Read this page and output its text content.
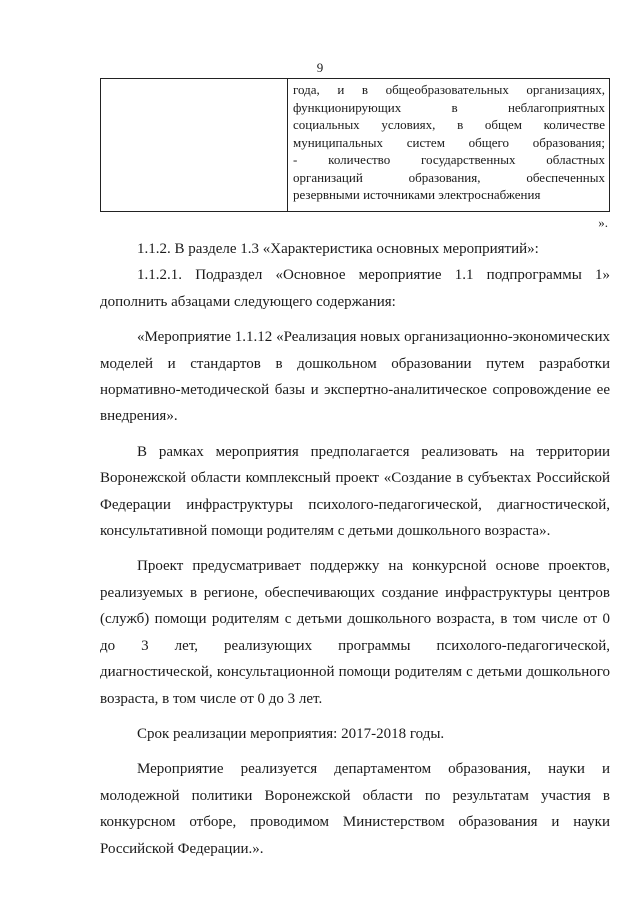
9

года, и в общеобразовательных организациях,

функционирующих в неблагоприятных

социальных условиях, в общем количестве

муниципальных систем общего образования;

- количество государственных областных

организаций образования, обеспеченных

резервными источниками электроснабжения

».

1.1.2. В разделе 1.3 «Характеристика основных мероприятий»:

1.1.2.1. Подраздел «Основное мероприятие 1.1 подпрограммы 1» дополнить абзацами следующего содержания:

«Мероприятие 1.1.12 «Реализация новых организационно-экономических моделей и стандартов в дошкольном образовании путем разработки нормативно-методической базы и экспертно-аналитическое сопровождение ее внедрения».

В рамках мероприятия предполагается реализовать на территории Воронежской области комплексный проект «Создание в субъектах Российской Федерации инфраструктуры психолого-педагогической, диагностической, консультативной помощи родителям с детьми дошкольного возраста».

Проект предусматривает поддержку на конкурсной основе проектов, реализуемых в регионе, обеспечивающих создание инфраструктуры центров (служб) помощи родителям с детьми дошкольного возраста, в том числе от 0 до 3 лет, реализующих программы психолого-педагогической, диагностической, консультационной помощи родителям с детьми дошкольного возраста, в том числе от 0 до 3 лет.

Срок реализации мероприятия: 2017-2018 годы.

Мероприятие реализуется департаментом образования, науки и молодежной политики Воронежской области по результатам участия в конкурсном отборе, проводимом Министерством образования и науки Российской Федерации.».
